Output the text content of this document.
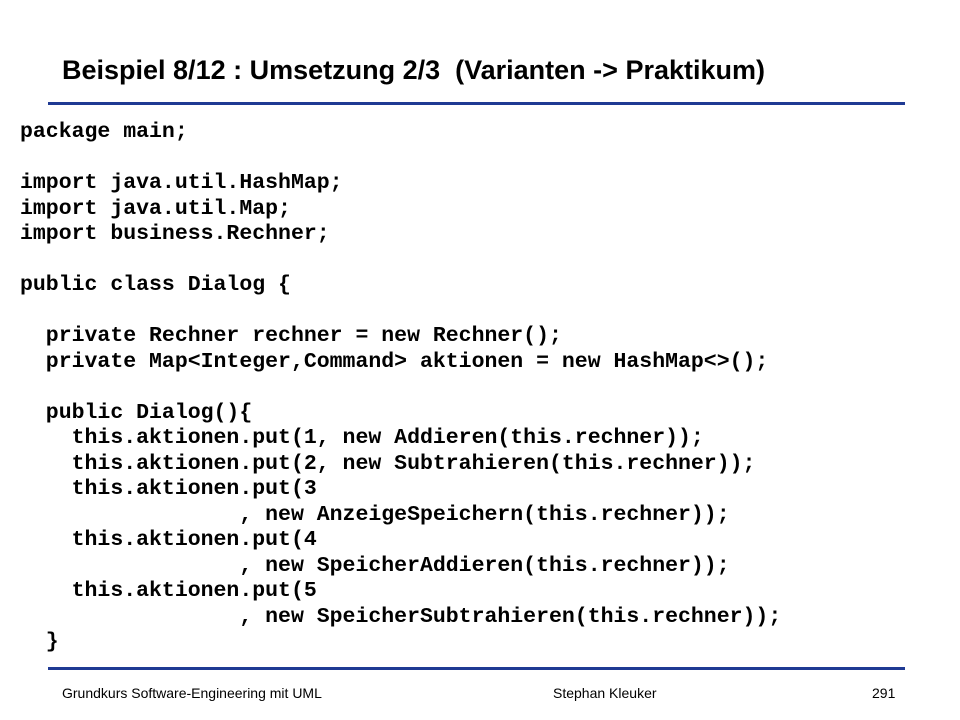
Beispiel 8/12 : Umsetzung 2/3  (Varianten -> Praktikum)
package main;
import java.util.HashMap;
import java.util.Map;
import business.Rechner;
public class Dialog {
private Rechner rechner = new Rechner();
private Map<Integer,Command> aktionen = new HashMap<>();
public Dialog(){
this.aktionen.put(1, new Addieren(this.rechner));
this.aktionen.put(2, new Subtrahieren(this.rechner));
this.aktionen.put(3
, new AnzeigeSpeichern(this.rechner));
this.aktionen.put(4
, new SpeicherAddieren(this.rechner));
this.aktionen.put(5
, new SpeicherSubtrahieren(this.rechner));
}
Grundkurs Software-Engineering mit UML	Stephan Kleuker	291
